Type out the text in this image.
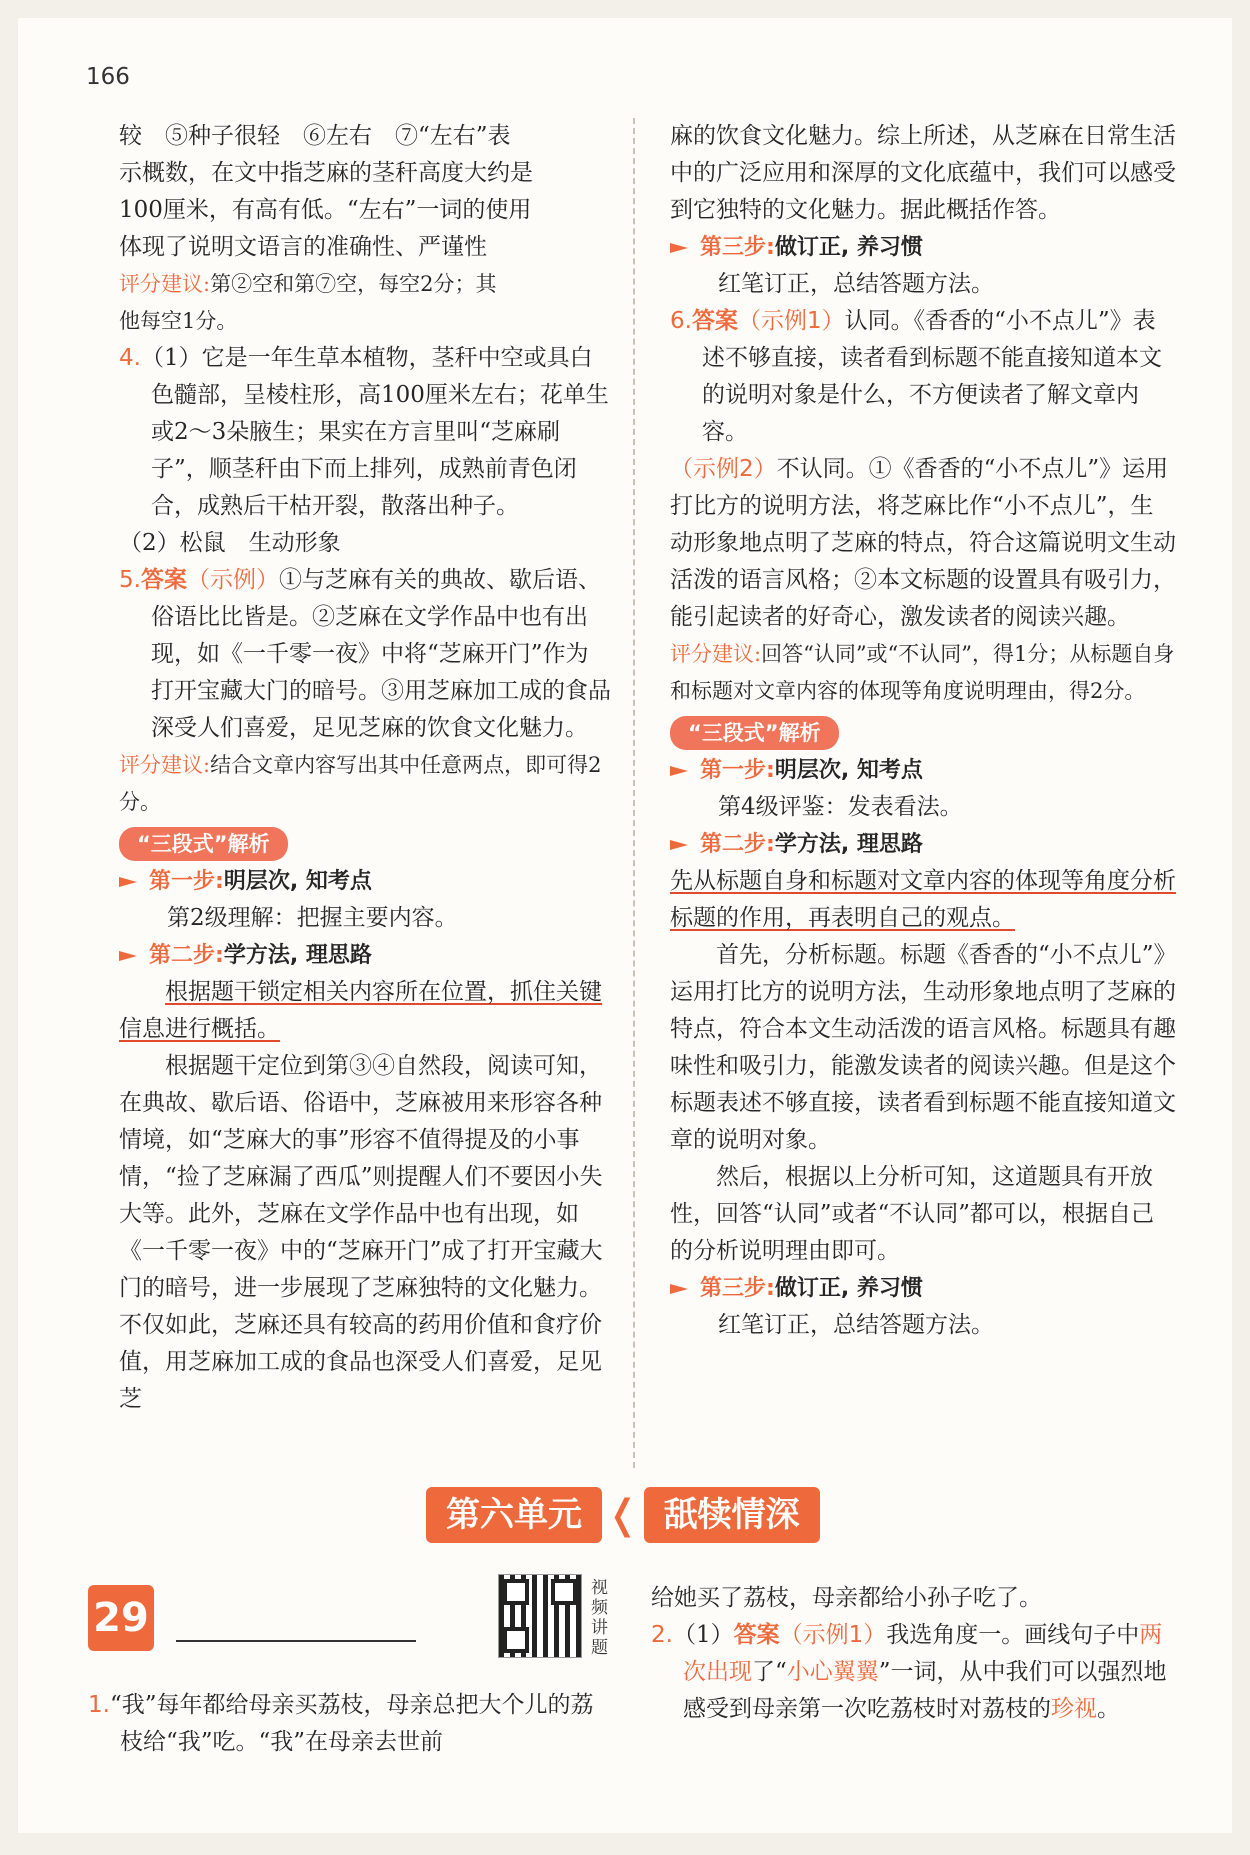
166

较　⑤种子很轻　⑥左右　⑦“左右”表

示概数，在文中指芝麻的茎秆高度大约是

100厘米，有高有低。“左右”一词的使用

体现了说明文语言的准确性、严谨性

评分建议:第②空和第⑦空，每空2分；其

他每空1分。

4.（1）它是一年生草本植物，茎秆中空或具白色髓部，呈棱柱形，高100厘米左右；花单生或2～3朵腋生；果实在方言里叫“芝麻刷子”，顺茎秆由下而上排列，成熟前青色闭合，成熟后干枯开裂，散落出种子。

（2）松鼠　生动形象

5.答案（示例）①与芝麻有关的典故、歇后语、俗语比比皆是。②芝麻在文学作品中也有出现，如《一千零一夜》中将“芝麻开门”作为打开宝藏大门的暗号。③用芝麻加工成的食品深受人们喜爱，足见芝麻的饮食文化魅力。

评分建议:结合文章内容写出其中任意两点，即可得2分。

“三段式”解析

第一步:明层次, 知考点

第2级理解：把握主要内容。

第二步:学方法, 理思路

根据题干锁定相关内容所在位置，抓住关键信息进行概括。

根据题干定位到第③④自然段，阅读可知，在典故、歇后语、俗语中，芝麻被用来形容各种情境，如“芝麻大的事”形容不值得提及的小事情，“捡了芝麻漏了西瓜”则提醒人们不要因小失大等。此外，芝麻在文学作品中也有出现，如《一千零一夜》中的“芝麻开门”成了打开宝藏大门的暗号，进一步展现了芝麻独特的文化魅力。不仅如此，芝麻还具有较高的药用价值和食疗价值，用芝麻加工成的食品也深受人们喜爱，足见芝

麻的饮食文化魅力。综上所述，从芝麻在日常生活中的广泛应用和深厚的文化底蕴中，我们可以感受到它独特的文化魅力。据此概括作答。

第三步:做订正, 养习惯

红笔订正，总结答题方法。

6.答案（示例1）认同。《香香的“小不点儿”》表述不够直接，读者看到标题不能直接知道本文的说明对象是什么，不方便读者了解文章内容。

（示例2）不认同。①《香香的“小不点儿”》运用打比方的说明方法，将芝麻比作“小不点儿”，生动形象地点明了芝麻的特点，符合这篇说明文生动活泼的语言风格；②本文标题的设置具有吸引力，能引起读者的好奇心，激发读者的阅读兴趣。

评分建议:回答“认同”或“不认同”，得1分；从标题自身和标题对文章内容的体现等角度说明理由，得2分。

“三段式”解析

第一步:明层次, 知考点

第4级评鉴：发表看法。

第二步:学方法, 理思路

先从标题自身和标题对文章内容的体现等角度分析标题的作用，再表明自己的观点。

首先，分析标题。标题《香香的“小不点儿”》运用打比方的说明方法，生动形象地点明了芝麻的特点，符合本文生动活泼的语言风格。标题具有趣味性和吸引力，能激发读者的阅读兴趣。但是这个标题表述不够直接，读者看到标题不能直接知道文章的说明对象。

然后，根据以上分析可知，这道题具有开放性，回答“认同”或者“不认同”都可以，根据自己的分析说明理由即可。

第三步:做订正, 养习惯

红笔订正，总结答题方法。

第六单元 ❬ 舐犊情深
29
视频讲题

1.“我”每年都给母亲买荔枝，母亲总把大个儿的荔枝给“我”吃。“我”在母亲去世前

给她买了荔枝，母亲都给小孙子吃了。

2.（1）答案（示例1）我选角度一。画线句子中两次出现了“小心翼翼”一词，从中我们可以强烈地感受到母亲第一次吃荔枝时对荔枝的珍视。
